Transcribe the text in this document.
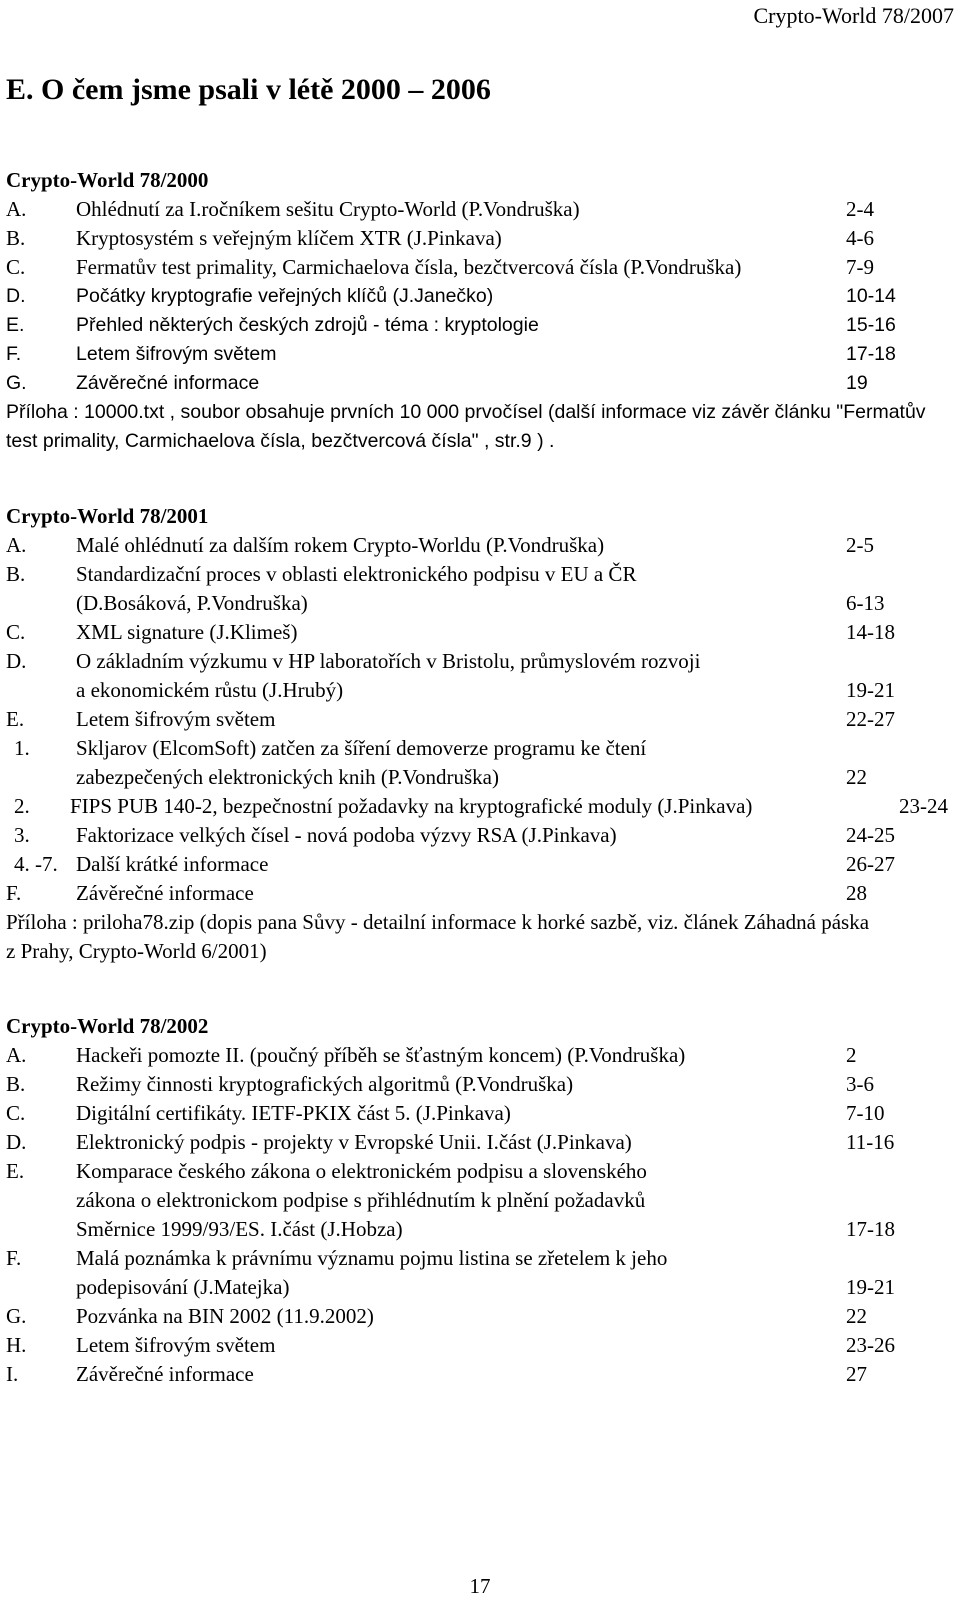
Crypto-World 78/2007
E. O čem jsme psali v létě 2000 – 2006
Crypto-World 78/2000
A. Ohlédnutí za I.ročníkem sešitu Crypto-World (P.Vondruška)	2-4
B. Kryptosystém s veřejným klíčem XTR (J.Pinkava)	4-6
C. Fermatův test primality, Carmichaelova čísla, bezčtvercová čísla (P.Vondruška)	7-9
D.	Počátky kryptografie veřejných klíčů (J.Janečko)	10-14
E.	Přehled některých českých zdrojů - téma : kryptologie	15-16
F.	Letem šifrovým světem	17-18
G.	Závěrečné informace	19
Příloha : 10000.txt , soubor obsahuje prvních 10 000 prvočísel (další informace viz závěr článku "Fermatův test primality, Carmichaelova čísla, bezčtvercová čísla" , str.9 ) .
Crypto-World 78/2001
A. Malé ohlédnutí za dalším rokem Crypto-Worldu (P.Vondruška)	2-5
B. Standardizační proces v oblasti elektronického podpisu v EU a ČR
(D.Bosáková, P.Vondruška)	6-13
C. XML signature (J.Klimeš)	14-18
D. O základním výzkumu v HP laboratořích v Bristolu, průmyslovém rozvoji
a ekonomickém růstu (J.Hrubý)	19-21
E. Letem šifrovým světem	22-27
1. Skljarov (ElcomSoft) zatčen za šíření demoverze programu ke čtení
zabezpečených elektronických knih (P.Vondruška)	22
2. FIPS PUB 140-2, bezpečnostní požadavky na kryptografické moduly (J.Pinkava)	23-24
3. Faktorizace velkých čísel - nová podoba výzvy RSA (J.Pinkava)	24-25
4. -7. Další krátké informace	26-27
F.	Závěrečné informace	28
Příloha : priloha78.zip (dopis pana Sůvy - detailní informace k horké sazbě, viz. článek Záhadná páska z Prahy, Crypto-World 6/2001)
Crypto-World 78/2002
A. Hackeři pomozte II. (poučný příběh se šťastným koncem) (P.Vondruška)	2
B. Režimy činnosti kryptografických algoritmů (P.Vondruška)	3-6
C. Digitální certifikáty. IETF-PKIX část 5. (J.Pinkava)	7-10
D. Elektronický podpis - projekty v Evropské Unii. I.část (J.Pinkava)	11-16
E. Komparace českého zákona o elektronickém podpisu a slovenského
zákona o elektronickom podpise s přihlédnutím k plnění požadavků
Směrnice 1999/93/ES. I.část (J.Hobza)	17-18
F.	Malá poznámka k právnímu významu pojmu listina se zřetelem k jeho
podepisování (J.Matejka)	19-21
G. Pozvánka na BIN 2002 (11.9.2002)	22
H. Letem šifrovým světem	23-26
I.	Závěrečné informace	27
17
